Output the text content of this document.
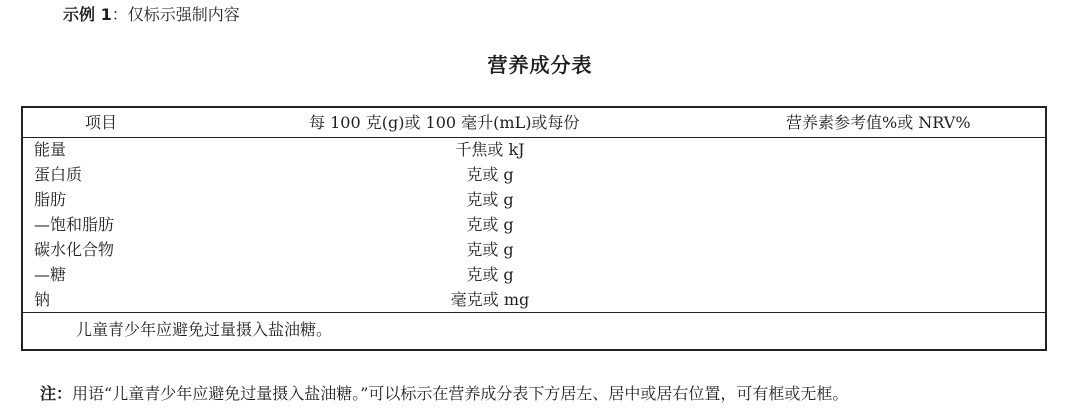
示例 1：仅标示强制内容
营养成分表
项目	每 100 克(g)或 100 毫升(mL)或每份	营养素参考值%或 NRV%
能量	千焦或 kJ
蛋白质	克或 g
脂肪	克或 g
—饱和脂肪	克或 g
碳水化合物	克或 g
—糖	克或 g
钠	毫克或 mg
儿童青少年应避免过量摄入盐油糖。
注：用语“儿童青少年应避免过量摄入盐油糖。”可以标示在营养成分表下方居左、居中或居右位置，可有框或无框。
